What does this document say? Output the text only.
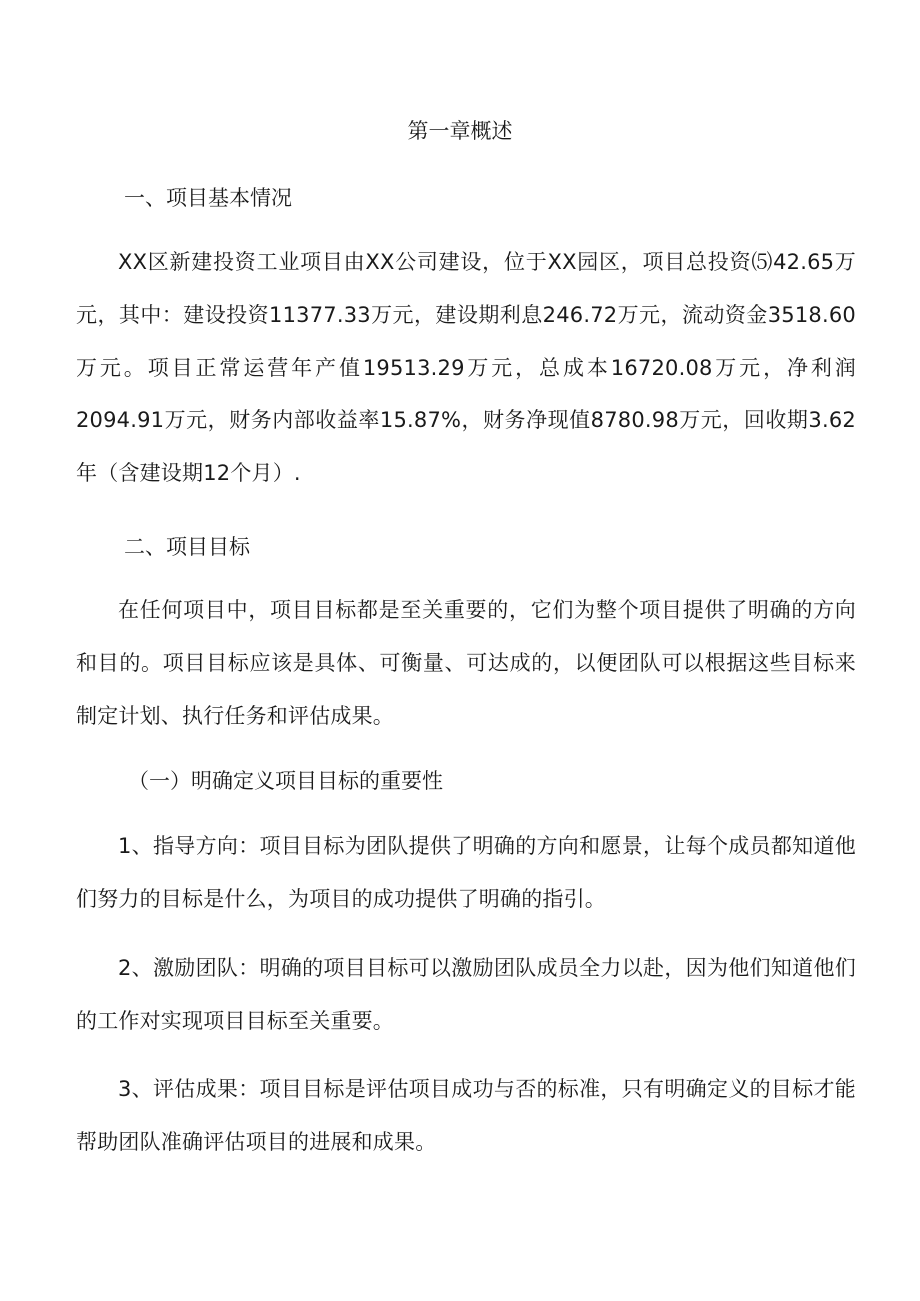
第一章概述
一、项目基本情况

XX区新建投资工业项目由XX公司建设，位于XX园区，项目总投资⑸42.65万元，其中：建设投资11377.33万元，建设期利息246.72万元，流动资金3518.60万元。项目正常运营年产值19513.29万元，总成本16720.08万元，净利润2094.91万元，财务内部收益率15.87%，财务净现值8780.98万元，回收期3.62年（含建设期12个月）.

二、项目目标

在任何项目中，项目目标都是至关重要的，它们为整个项目提供了明确的方向和目的。项目目标应该是具体、可衡量、可达成的，以便团队可以根据这些目标来制定计划、执行任务和评估成果。

（一）明确定义项目目标的重要性

1、指导方向：项目目标为团队提供了明确的方向和愿景，让每个成员都知道他们努力的目标是什么，为项目的成功提供了明确的指引。

2、激励团队：明确的项目目标可以激励团队成员全力以赴，因为他们知道他们的工作对实现项目目标至关重要。

3、评估成果：项目目标是评估项目成功与否的标准，只有明确定义的目标才能帮助团队准确评估项目的进展和成果。
